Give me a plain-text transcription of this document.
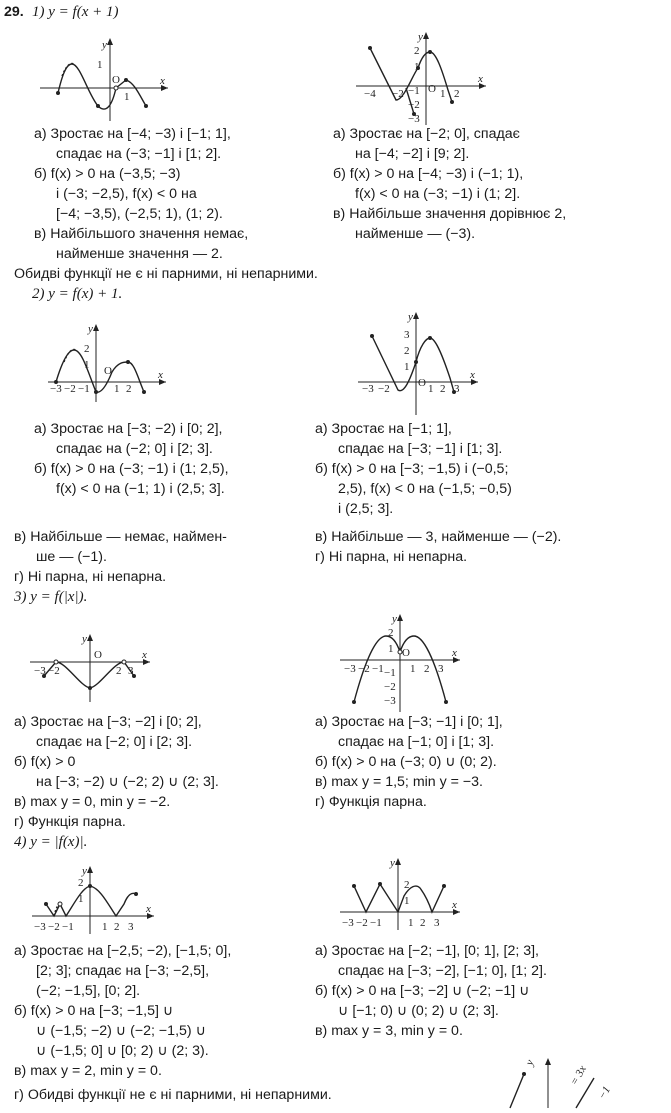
29. 1) y = f(x + 1)
y
x
1
O
1
y
x
2
1
−1
−2
−3
−4 −2 O 1 2
а) Зростає на [−4; −3) і [−1; 1],
спадає на (−3; −1] і [1; 2].
б) f(x) > 0 на (−3,5; −3)
і (−3; −2,5), f(x) < 0 на
[−4; −3,5), (−2,5; 1), (1; 2).
в) Найбільшого значення немає,
найменше значення — 2.
а) Зростає на [−2; 0], спадає
на [−4; −2] і [9; 2].
б) f(x) > 0 на [−4; −3) і (−1; 1),
f(x) < 0 на (−3; −1) і (1; 2].
в) Найбільше значення дорівнює 2,
найменше — (−3).
Обидві функції не є ні парними, ні непарними.
2) y = f(x) + 1.
y
x
2
1 O
−3 −2 −1 1 2
y
x
3
2
1
O
−3 −2	1 2 3
а) Зростає на [−3; −2) і [0; 2],
спадає на (−2; 0] і [2; 3].
б) f(x) > 0 на (−3; −1) і (1; 2,5),
f(x) < 0 на (−1; 1) і (2,5; 3].
в) Найбільше — немає, наймен-
ше — (−1).
г) Ні парна, ні непарна.
а) Зростає на [−1; 1],
спадає на [−3; −1] і [1; 3].
б) f(x) > 0 на [−3; −1,5) і (−0,5;
2,5), f(x) < 0 на (−1,5; −0,5)
і (2,5; 3].
в) Найбільше — 3, найменше — (−2).
г) Ні парна, ні непарна.
3) y = f(|x|).
y
x
O
−3 −2	2 3
y
x
2
1 O
−1
−2
−3
−3 −2 −1 1 2 3
а) Зростає на [−3; −2] і [0; 2],
спадає на [−2; 0] і [2; 3].
б) f(x) > 0
на [−3; −2) ∪ (−2; 2) ∪ (2; 3].
в) max y = 0, min y = −2.
г) Функція парна.
а) Зростає на [−3; −1] і [0; 1],
спадає на [−1; 0] і [1; 3].
б) f(x) > 0 на (−3; 0) ∪ (0; 2).
в) max y = 1,5; min y = −3.
г) Функція парна.
4) y = |f(x)|.
y
x
2
1
−3 −2 −1	1 2 3
y
x
2
1
−3 −2 −1 1 2 3
а) Зростає на [−2,5; −2), [−1,5; 0],
[2; 3]; спадає на [−3; −2,5],
(−2; −1,5], [0; 2].
б) f(x) > 0 на [−3; −1,5] ∪
∪ (−1,5; −2) ∪ (−2; −1,5) ∪
∪ (−1,5; 0] ∪ [0; 2) ∪ (2; 3).
в) max y = 2, min y = 0.
а) Зростає на [−2; −1], [0; 1], [2; 3],
спадає на [−3; −2], [−1; 0], [1; 2].
б) f(x) > 0 на [−3; −2] ∪ (−2; −1] ∪
∪ [−1; 0) ∪ (0; 2) ∪ (2; 3].
в) max y = 3, min y = 0.
г) Обидві функції не є ні парними, ні непарними.
y
= 3x
−1
